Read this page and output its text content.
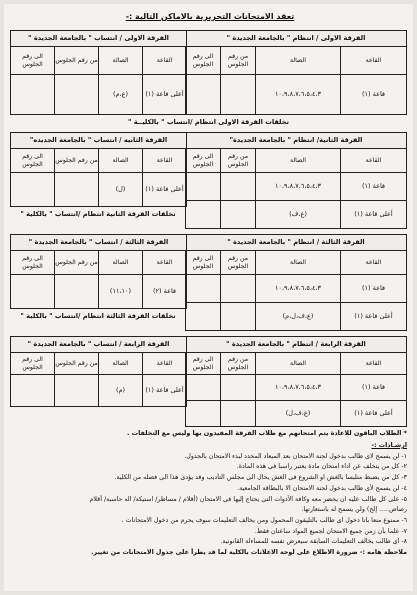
تعقد الامتحانات التحريرية بالاماكن التالية :-
الفرقة الاولى / انتظام " بالجامعة الجديدة "			
القاعة	الصالة	من رقم الجلوس	الى رقم الجلوس
قاعة (١)	١٠،٩،٨،٧،٦،٥،٤،٣		
الفرقة الاولى / انتساب " بالجامعة الجديدة "			
القاعة	الصالة	من رقم الجلوس	الى رقم الجلوس
أعلى قاعة (١)	(ع،م)		
تخلفات الفرقة الاولى انتظام /انتساب " بالكليــة "
الفرقة الثانية/ انتظام " بالجامعة الجديدة"			
القاعة	الصالة	من رقم الجلوس	الى رقم الجلوس
قاعة (١)	١٠،٩،٨،٧،٦،٥،٤،٣		
أعلى قاعة (١)	(ع،ف)		
الفرقة الثانيه / انتساب " بالجامعة الجديده"			
القاعة	الصالة	من رقم الجلوس	الى رقم الجلوس
أعلى قاعة (١)	(ل)		
تخلفات الفرقة الثانية انتظام /انتساب " بالكلية "
الفرقة الثالثة / انتظام " بالجامعة الجديدة "			
القاعة	الصالة	من رقم الجلوس	الى رقم الجلوس
قاعة (١)	١٠،٩،٨،٧،٦،٥،٤،٣		
أعلى قاعة (١)	(ع،ف،ل،م)		
الفرقة الثالثة / انتساب " بالجامعة الجديدة "			
القاعة	الصالة	من رقم الجلوس	الى رقم الجلوس
قاعة (٢)	(١١،١٠)		
تخلفات الفرقة الثالثة انتظام /انتساب " بالكلية "
الفرقة الرابعة / انتظام " بالجامعة الجديدة "			
القاعة	الصالة	من رقم الجلوس	الى رقم الجلوس
قاعة (١)	١٠،٩،٨،٧،٦،٥،٤،٣		
أعلى قاعة (١)	(ع،ف،ل)		
الفرقة الرابعة / انتساب " بالجامعة الجديدة "			
القاعة	الصالة	من رقم الجلوس	الى رقم الجلوس
أعلى قاعة (١)	(م)		
* الطلاب الباقون للاعادة يتم امتحانهم مع طلاب الفرقة المقيدون بها وليس مع التخلفات .
ارشـادات :-
١- لن يسمح لاى طالب بدخول لجنة الامتحان بعد الميعاد المحدد لبدء الامتحان بالجدول.
٢- كل من يتخلف عن اداء امتحان مادة يعتبر راسبا فى هذه المادة.
٣- كل من يضبط متلبسا بالغش او الشروع فى الغش يحال الى مجلس التأديب وقد يؤدى هذا الى فصله من الكلية.
٤- لن يسمح لأى طالب بدخول لجنة الامتحان الا بالبطاقة الجامعية.
٥- على كل طالب عليه ان يحضر معه وكافة الأدوات التى يحتاج إليها فى الامتحان (أقلام / مساطر/ استيكة/ اله حاسبة/ أقلام
رصاص..... إلخ) ولن يسمح له باستعارتها.
٦- ممنوع منعا باتا دخول اى طالب بالتليفون المحمول ومن يخالف التعليمات سوف يحرم من دخول الامتحانات .
٧- علما بأن زمن جميع الامتحان لجميع المواد ساعتان فقط.
٨- اى طالب يخالف التعليمات السابقة سيعرض نفسه للمساءلة القانونية.
ملاحظة هامه :- ضرورة الاطلاع على لوحة الاعلانات بالكلية لما قد يطرأ على جدول الامتحانات من تغيير.
